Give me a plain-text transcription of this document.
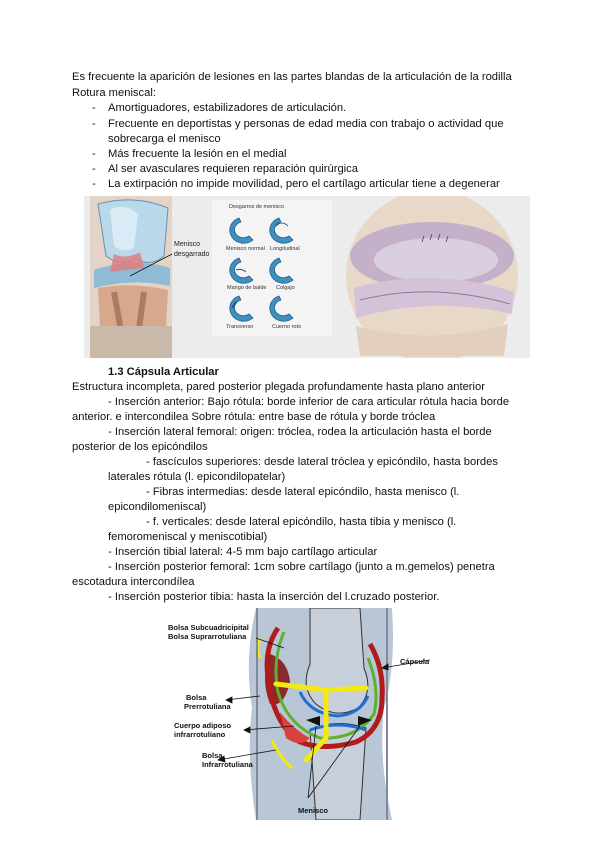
Es frecuente la aparición de lesiones en las partes blandas de la articulación de la rodilla
Rotura meniscal:
- Amortiguadores, estabilizadores de articulación.
- Frecuente en deportistas y personas de edad media con trabajo o actividad que
sobrecarga el menisco
- Más frecuente la lesión en el medial
- Al ser avasculares requieren reparación quirúrgica
- La extirpación no impide movilidad, pero el cartílago articular tiene a degenerar
Menisco
desgarrado
Desgarros de menisco
Menisco normal Longitudinal
Mango de balde Colgajo
Transverso	Cuerno roto
1.3 Cápsula Articular
Estructura incompleta, pared posterior plegada profundamente hasta plano anterior
- Inserción anterior: Bajo rótula: borde inferior de cara articular rótula hacia borde
anterior. e intercondilea Sobre rótula: entre base de rótula y borde tróclea
- Inserción lateral femoral: origen: tróclea, rodea la articulación hasta el borde
posterior de los epicóndilos
- fascículos superiores: desde lateral tróclea y epicóndilo, hasta bordes
laterales rótula (l. epicondilopatelar)
- Fibras intermedias: desde lateral epicóndilo, hasta menisco (l.
epicondilomeniscal)
- f. verticales: desde lateral epicóndilo, hasta tibia y menisco (l.
femoromeniscal y meniscotibial)
- Inserción tibial lateral: 4-5 mm bajo cartílago articular
- Inserción posterior femoral: 1cm sobre cartílago (junto a m.gemelos) penetra
escotadura intercondílea
- Inserción posterior tibia: hasta la inserción del l.cruzado posterior.
Bolsa Subcuadricipital
Bolsa Suprarrotuliana
Cápsula
Bolsa
Prerrotuliana
Cuerpo adiposo
infrarrotuliano
Bolsa
Infrarrotuliana
Menisco
